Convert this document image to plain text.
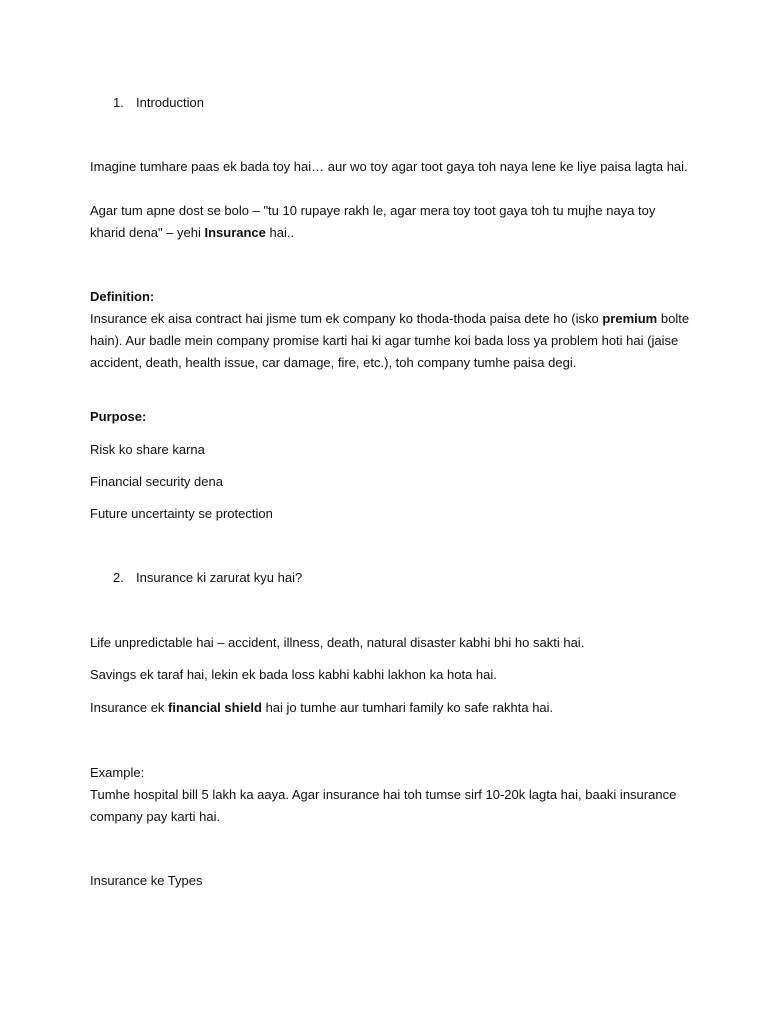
1. Introduction

Imagine tumhare paas ek bada toy hai… aur wo toy agar toot gaya toh naya lene ke liye paisa lagta hai.

Agar tum apne dost se bolo – "tu 10 rupaye rakh le, agar mera toy toot gaya toh tu mujhe naya toy kharid dena" – yehi Insurance hai..

Definition:

Insurance ek aisa contract hai jisme tum ek company ko thoda-thoda paisa dete ho (isko premium bolte hain). Aur badle mein company promise karti hai ki agar tumhe koi bada loss ya problem hoti hai (jaise accident, death, health issue, car damage, fire, etc.), toh company tumhe paisa degi.

Purpose:

Risk ko share karna

Financial security dena

Future uncertainty se protection

2. Insurance ki zarurat kyu hai?

Life unpredictable hai – accident, illness, death, natural disaster kabhi bhi ho sakti hai.

Savings ek taraf hai, lekin ek bada loss kabhi kabhi lakhon ka hota hai.

Insurance ek financial shield hai jo tumhe aur tumhari family ko safe rakhta hai.

Example:

Tumhe hospital bill 5 lakh ka aaya. Agar insurance hai toh tumse sirf 10-20k lagta hai, baaki insurance company pay karti hai.

Insurance ke Types
